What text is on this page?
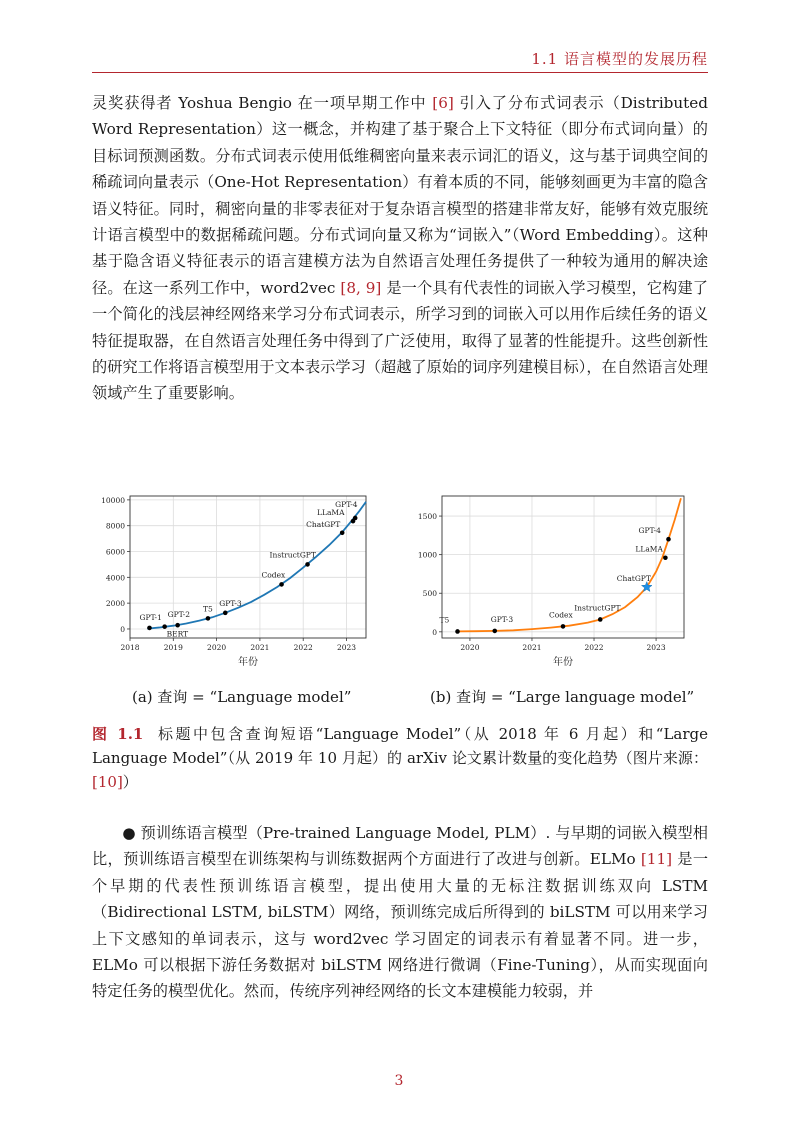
1.1 语言模型的发展历程

灵奖获得者 Yoshua Bengio 在一项早期工作中 [6] 引入了分布式词表示（Distributed Word Representation）这一概念，并构建了基于聚合上下文特征（即分布式词向量）的目标词预测函数。分布式词表示使用低维稠密向量来表示词汇的语义，这与基于词典空间的稀疏词向量表示（One-Hot Representation）有着本质的不同，能够刻画更为丰富的隐含语义特征。同时，稠密向量的非零表征对于复杂语言模型的搭建非常友好，能够有效克服统计语言模型中的数据稀疏问题。分布式词向量又称为“词嵌入”（Word Embedding）。这种基于隐含语义特征表示的语言建模方法为自然语言处理任务提供了一种较为通用的解决途径。在这一系列工作中，word2vec [8, 9] 是一个具有代表性的词嵌入学习模型，它构建了一个简化的浅层神经网络来学习分布式词表示，所学习到的词嵌入可以用作后续任务的语义特征提取器，在自然语言处理任务中得到了广泛使用，取得了显著的性能提升。这些创新性的研究工作将语言模型用于文本表示学习（超越了原始的词序列建模目标），在自然语言处理领域产生了重要影响。

0
2000
4000
6000
8000
10000
2018	2019	2020	2021	2022	2023
GPT-1
BERT
GPT-2
T5
GPT-3
Codex
InstructGPT
ChatGPT
LLaMA
GPT-4
年份
0
500
1000
1500
2020	2021	2022	2023
T5	GPT-3	Codex
InstructGPT
ChatGPT
LLaMA
GPT-4
年份
(a) 查询 = “Language model”	(b) 查询 = “Large language model”
图 1.1 标题中包含查询短语“Language Model”（从 2018 年 6 月起）和“Large Language Model”（从 2019 年 10 月起）的 arXiv 论文累计数量的变化趋势（图片来源：[10]）

● 预训练语言模型（Pre-trained Language Model, PLM）. 与早期的词嵌入模型相比，预训练语言模型在训练架构与训练数据两个方面进行了改进与创新。ELMo [11] 是一个早期的代表性预训练语言模型，提出使用大量的无标注数据训练双向 LSTM（Bidirectional LSTM, biLSTM）网络，预训练完成后所得到的 biLSTM 可以用来学习上下文感知的单词表示，这与 word2vec 学习固定的词表示有着显著不同。进一步，ELMo 可以根据下游任务数据对 biLSTM 网络进行微调（Fine-Tuning），从而实现面向特定任务的模型优化。然而，传统序列神经网络的长文本建模能力较弱，并

3
